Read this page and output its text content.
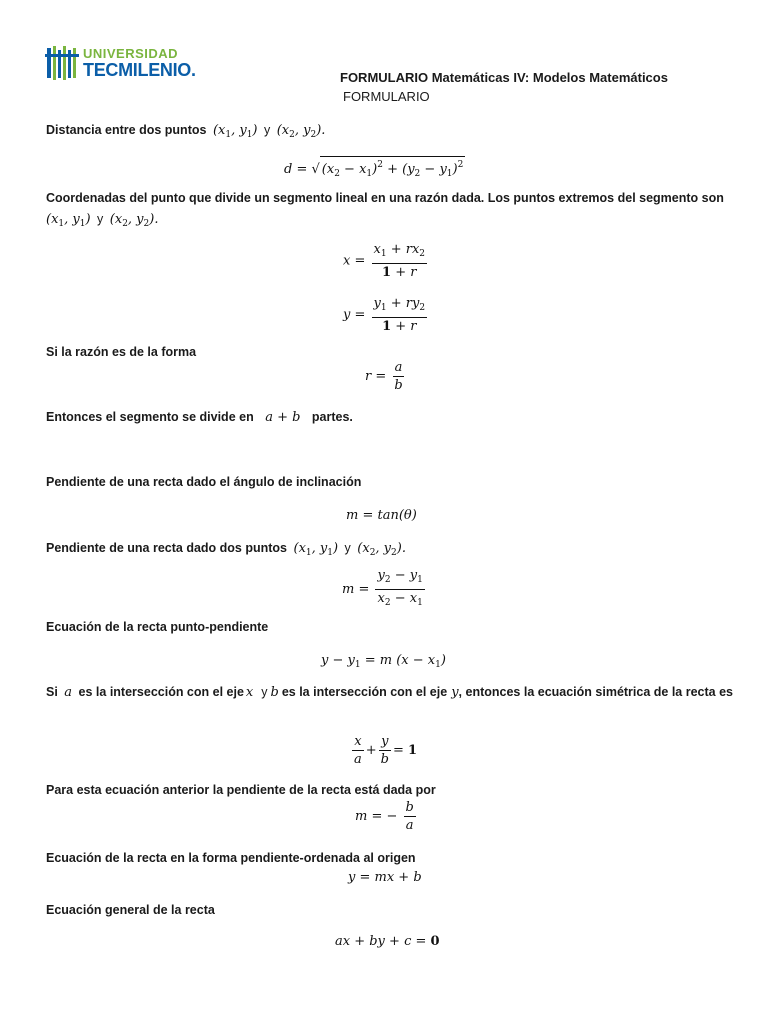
UNIVERSIDAD
TECMILENIO.	FORMULARIO Matemáticas IV: Modelos Matemáticos
FORMULARIO
Distancia entre dos puntos ($x_1$, $y_1$) y ($x_2$, $y_2$).
d = √ $(x_2 - x_1)^2 + (y_2 - y_1)^2$
Coordenadas del punto que divide un segmento lineal en una razón dada. Los puntos extremos del segmento son
($x_1$, $y_1$) y ($x_2$, $y_2$).
$x = \frac{x_1 + rx_2}{1 + r}$
$y = \frac{y_1 + ry_2}{1 + r}$
Si la razón es de la forma
$r = \frac{a}{b}$
Entonces el segmento se divide en a + b partes.
Pendiente de una recta dado el ángulo de inclinación
m = tan(θ)
Pendiente de una recta dado dos puntos ($x_1$, $y_1$) y ($x_2$, $y_2$).
$m = \frac{y_2 - y_1}{x_2 - x_1}$
Ecuación de la recta punto-pendiente
$y - y_1 = m$ $(x - x_1)$
Si a es la intersección con el eje x y b es la intersección con el eje y, entonces la ecuación simétrica de la recta es
$\frac{x}{a} + \frac{y}{b} = 1$
Para esta ecuación anterior la pendiente de la recta está dada por
m = − $\frac{b}{a}$
Ecuación de la recta en la forma pendiente-ordenada al origen
y = mx + b
Ecuación general de la recta
ax + by + c = 0
